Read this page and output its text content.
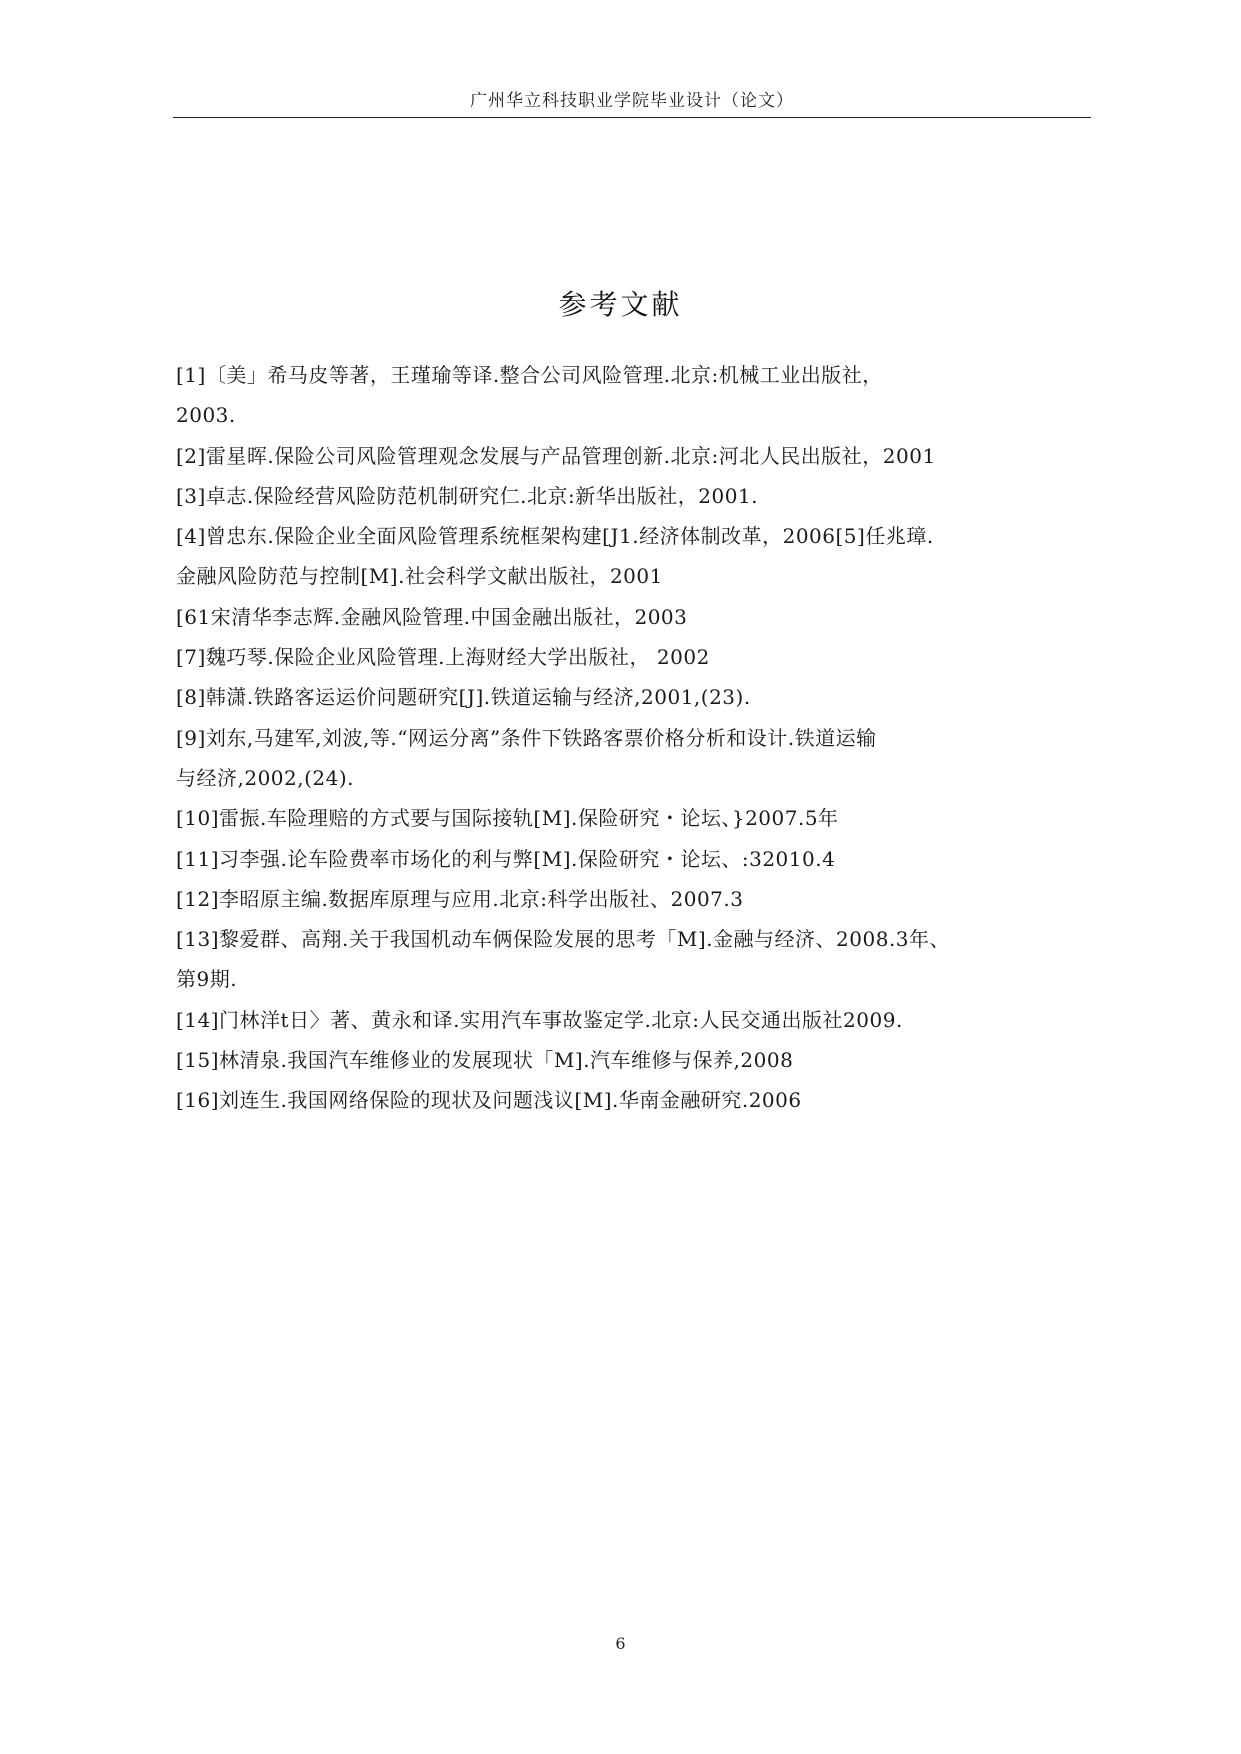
广州华立科技职业学院毕业设计（论文）
参考文献
[1]〔美」希马皮等著，王瑾瑜等译.整合公司风险管理.北京:机械工业出版社，
2003.
[2]雷星晖.保险公司风险管理观念发展与产品管理创新.北京:河北人民出版社，2001
[3]卓志.保险经营风险防范机制研究仁.北京:新华出版社，2001.
[4]曾忠东.保险企业全面风险管理系统框架构建[J1.经济体制改革，2006[5]任兆璋.
金融风险防范与控制[M].社会科学文献出版社，2001
[61宋清华李志辉.金融风险管理.中国金融出版社，2003
[7]魏巧琴.保险企业风险管理.上海财经大学出版社， 2002
[8]韩潇.铁路客运运价问题研究[J].铁道运输与经济,2001,(23).
[9]刘东,马建军,刘波,等.“网运分离”条件下铁路客票价格分析和设计.铁道运输
与经济,2002,(24).
[10]雷振.车险理赔的方式要与国际接轨[M].保险研究・论坛、}2007.5年
[11]习李强.论车险费率市场化的利与弊[M].保险研究・论坛、:32010.4
[12]李昭原主编.数据库原理与应用.北京:科学出版社、2007.3
[13]黎爱群、高翔.关于我国机动车俩保险发展的思考「M].金融与经济、2008.3年、
第9期.
[14]门林洋t日〉著、黄永和译.实用汽车事故鉴定学.北京:人民交通出版社2009.
[15]林清泉.我国汽车维修业的发展现状「M].汽车维修与保养,2008
[16]刘连生.我国网络保险的现状及问题浅议[M].华南金融研究.2006
6
